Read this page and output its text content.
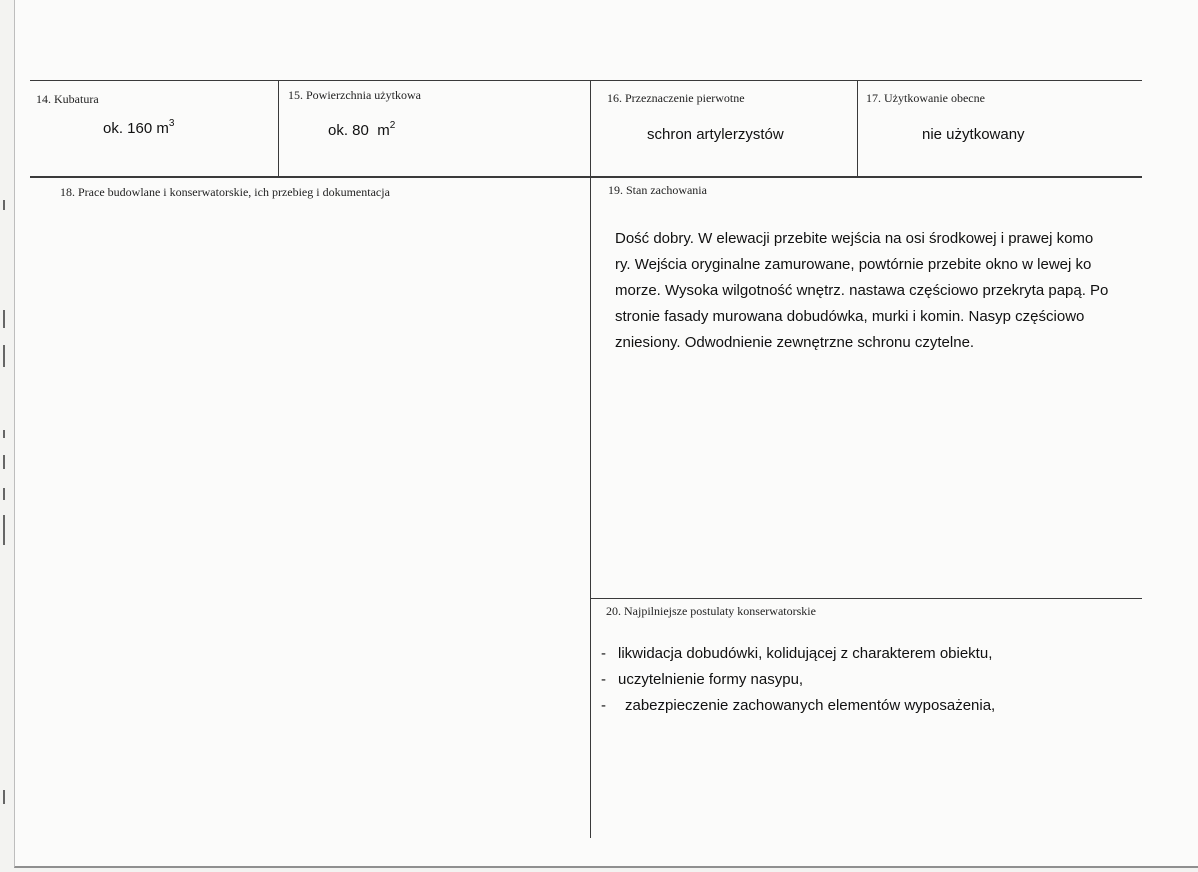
14. Kubatura
ok. 160 $m^3$
15. Powierzchnia użytkowa
ok. 80  $m^2$
16. Przeznaczenie pierwotne
schron artylerzystów
17. Użytkowanie obecne
nie użytkowany
18. Prace budowlane i konserwatorskie, ich przebieg i dokumentacja	19. Stan zachowania
Dość dobry. W elewacji przebite wejścia na osi środkowej i prawej komo
ry. Wejścia oryginalne zamurowane, powtórnie przebite okno w lewej ko
morze. Wysoka wilgotność wnętrz. nastawa częściowo przekryta papą. Po
stronie fasady murowana dobudówka, murki i komin. Nasyp częściowo
zniesiony. Odwodnienie zewnętrzne schronu czytelne.
20. Najpilniejsze postulaty konserwatorskie
- likwidacja dobudówki, kolidującej z charakterem obiektu,
- uczytelnienie formy nasypu,
- zabezpieczenie zachowanych elementów wyposażenia,
